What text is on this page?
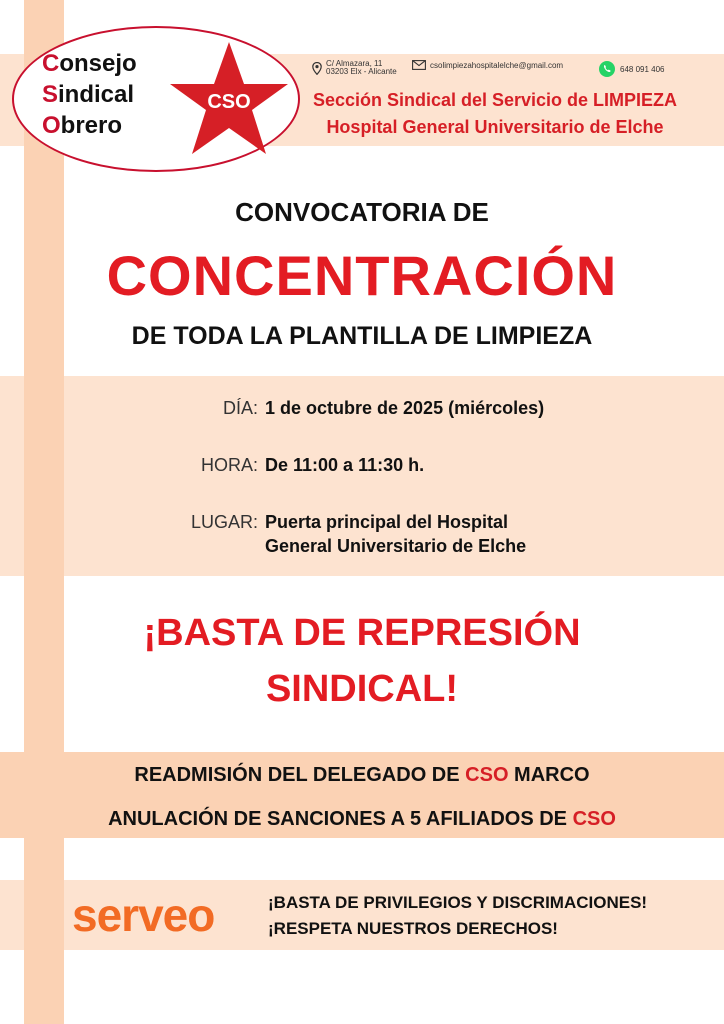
Consejo
Sindical
Obrero
CSO
C/ Almazara, 11
03203 Elx - Alicante
csolimpiezahospitalelche@gmail.com	648 091 406
Sección Sindical del Servicio de LIMPIEZA
Hospital General Universitario de Elche
CONVOCATORIA DE
CONCENTRACIÓN
DE TODA LA PLANTILLA DE LIMPIEZA
DÍA: 1 de octubre de 2025 (miércoles)
HORA: De 11:00 a 11:30 h.
LUGAR: Puerta principal del Hospital
General Universitario de Elche
¡BASTA DE REPRESIÓN
SINDICAL!
READMISIÓN DEL DELEGADO DE CSO MARCO
ANULACIÓN DE SANCIONES A 5 AFILIADOS DE CSO
serveo	¡BASTA DE PRIVILEGIOS Y DISCRIMACIONES!
¡RESPETA NUESTROS DERECHOS!
